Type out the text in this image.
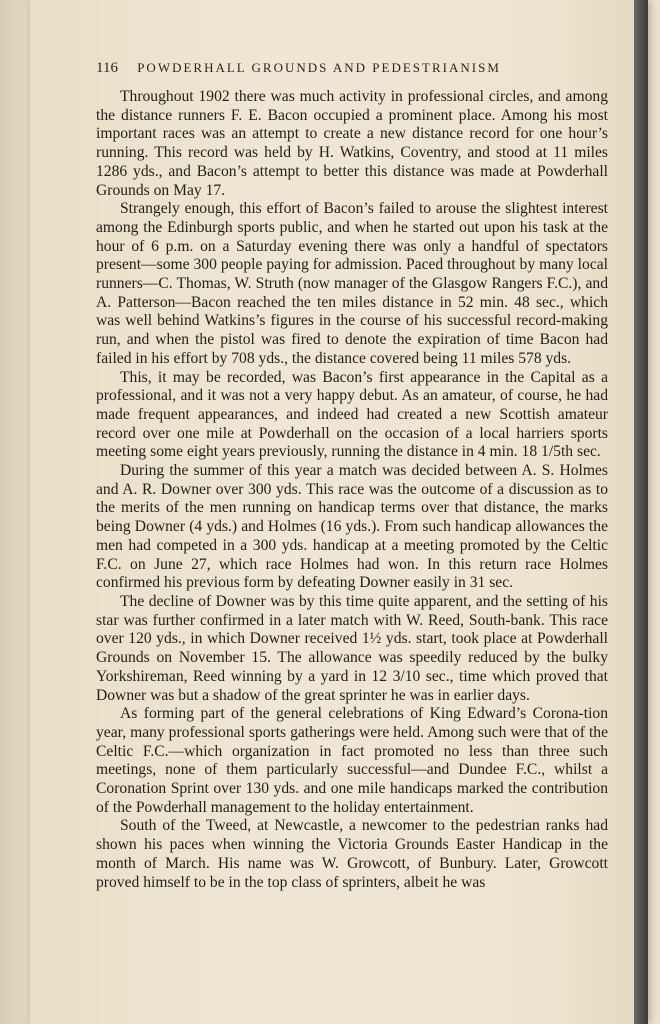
116 POWDERHALL GROUNDS AND PEDESTRIANISM

Throughout 1902 there was much activity in professional circles, and among the distance runners F. E. Bacon occupied a prominent place. Among his most important races was an attempt to create a new distance record for one hour’s running. This record was held by H. Watkins, Coventry, and stood at 11 miles 1286 yds., and Bacon’s attempt to better this distance was made at Powderhall Grounds on May 17.

Strangely enough, this effort of Bacon’s failed to arouse the slightest interest among the Edinburgh sports public, and when he started out upon his task at the hour of 6 p.m. on a Saturday evening there was only a handful of spectators present—some 300 people paying for admission. Paced throughout by many local runners—C. Thomas, W. Struth (now manager of the Glasgow Rangers F.C.), and A. Patterson—Bacon reached the ten miles distance in 52 min. 48 sec., which was well behind Watkins’s figures in the course of his successful record-making run, and when the pistol was fired to denote the expiration of time Bacon had failed in his effort by 708 yds., the distance covered being 11 miles 578 yds.

This, it may be recorded, was Bacon’s first appearance in the Capital as a professional, and it was not a very happy debut. As an amateur, of course, he had made frequent appearances, and indeed had created a new Scottish amateur record over one mile at Powderhall on the occasion of a local harriers sports meeting some eight years previously, running the distance in 4 min. 18 1/5th sec.

During the summer of this year a match was decided between A. S. Holmes and A. R. Downer over 300 yds. This race was the outcome of a discussion as to the merits of the men running on handicap terms over that distance, the marks being Downer (4 yds.) and Holmes (16 yds.). From such handicap allowances the men had competed in a 300 yds. handicap at a meeting promoted by the Celtic F.C. on June 27, which race Holmes had won. In this return race Holmes confirmed his previous form by defeating Downer easily in 31 sec.

The decline of Downer was by this time quite apparent, and the setting of his star was further confirmed in a later match with W. Reed, South-bank. This race over 120 yds., in which Downer received 1½ yds. start, took place at Powderhall Grounds on November 15. The allowance was speedily reduced by the bulky Yorkshireman, Reed winning by a yard in 12 3/10 sec., time which proved that Downer was but a shadow of the great sprinter he was in earlier days.

As forming part of the general celebrations of King Edward’s Corona-tion year, many professional sports gatherings were held. Among such were that of the Celtic F.C.—which organization in fact promoted no less than three such meetings, none of them particularly successful—and Dundee F.C., whilst a Coronation Sprint over 130 yds. and one mile handicaps marked the contribution of the Powderhall management to the holiday entertainment.

South of the Tweed, at Newcastle, a newcomer to the pedestrian ranks had shown his paces when winning the Victoria Grounds Easter Handicap in the month of March. His name was W. Growcott, of Bunbury. Later, Growcott proved himself to be in the top class of sprinters, albeit he was
